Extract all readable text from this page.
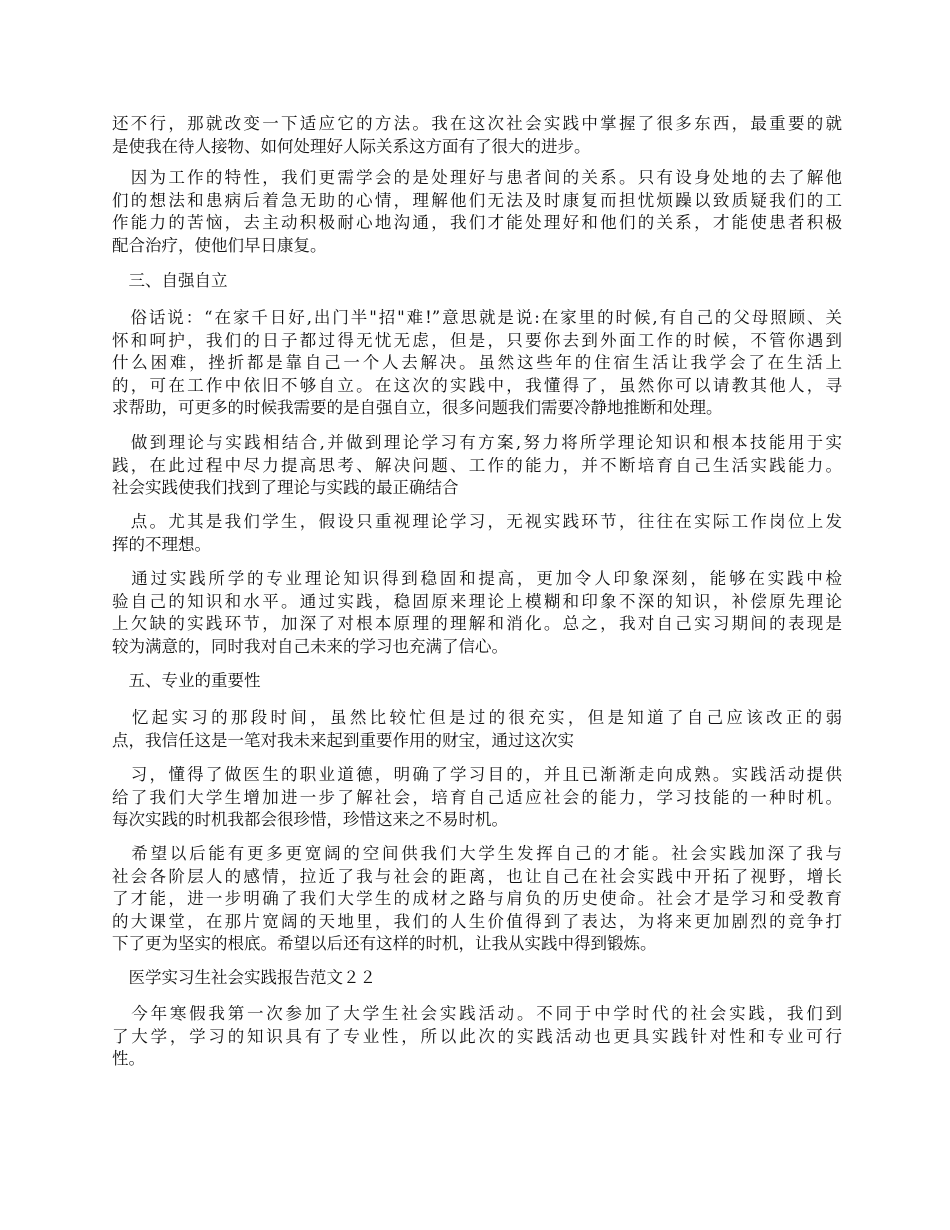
还不行，那就改变一下适应它的方法。我在这次社会实践中掌握了很多东西，最重要的就
是使我在待人接物、如何处理好人际关系这方面有了很大的进步。

　因为工作的特性，我们更需学会的是处理好与患者间的关系。只有设身处地的去了解他
们的想法和患病后着急无助的心情，理解他们无法及时康复而担忧烦躁以致质疑我们的工
作能力的苦恼，去主动积极耐心地沟通，我们才能处理好和他们的关系，才能使患者积极
配合治疗，使他们早日康复。

　三、自强自立

　俗话说：“在家千日好,出门半"招"难!”意思就是说:在家里的时候,有自己的父母照顾、关
怀和呵护，我们的日子都过得无忧无虑，但是，只要你去到外面工作的时候，不管你遇到
什么困难，挫折都是靠自己一个人去解决。虽然这些年的住宿生活让我学会了在生活上
的，可在工作中依旧不够自立。在这次的实践中，我懂得了，虽然你可以请教其他人，寻
求帮助，可更多的时候我需要的是自强自立，很多问题我们需要冷静地推断和处理。

　做到理论与实践相结合,并做到理论学习有方案,努力将所学理论知识和根本技能用于实
践，在此过程中尽力提高思考、解决问题、工作的能力，并不断培育自己生活实践能力。
社会实践使我们找到了理论与实践的最正确结合

　点。尤其是我们学生，假设只重视理论学习，无视实践环节，往往在实际工作岗位上发
挥的不理想。

　通过实践所学的专业理论知识得到稳固和提高，更加令人印象深刻，能够在实践中检
验自己的知识和水平。通过实践，稳固原来理论上模糊和印象不深的知识，补偿原先理论
上欠缺的实践环节，加深了对根本原理的理解和消化。总之，我对自己实习期间的表现是
较为满意的，同时我对自己未来的学习也充满了信心。

　五、专业的重要性

　忆起实习的那段时间，虽然比较忙但是过的很充实，但是知道了自己应该改正的弱
点，我信任这是一笔对我未来起到重要作用的财宝，通过这次实

　习，懂得了做医生的职业道德，明确了学习目的，并且已渐渐走向成熟。实践活动提供
给了我们大学生增加进一步了解社会，培育自己适应社会的能力，学习技能的一种时机。
每次实践的时机我都会很珍惜，珍惜这来之不易时机。

　希望以后能有更多更宽阔的空间供我们大学生发挥自己的才能。社会实践加深了我与
社会各阶层人的感情，拉近了我与社会的距离，也让自己在社会实践中开拓了视野，增长
了才能，进一步明确了我们大学生的成材之路与肩负的历史使命。社会才是学习和受教育
的大课堂，在那片宽阔的天地里，我们的人生价值得到了表达，为将来更加剧烈的竞争打
下了更为坚实的根底。希望以后还有这样的时机，让我从实践中得到锻炼。

　医学实习生社会实践报告范文２２

　今年寒假我第一次参加了大学生社会实践活动。不同于中学时代的社会实践，我们到
了大学，学习的知识具有了专业性，所以此次的实践活动也更具实践针对性和专业可行
性。
